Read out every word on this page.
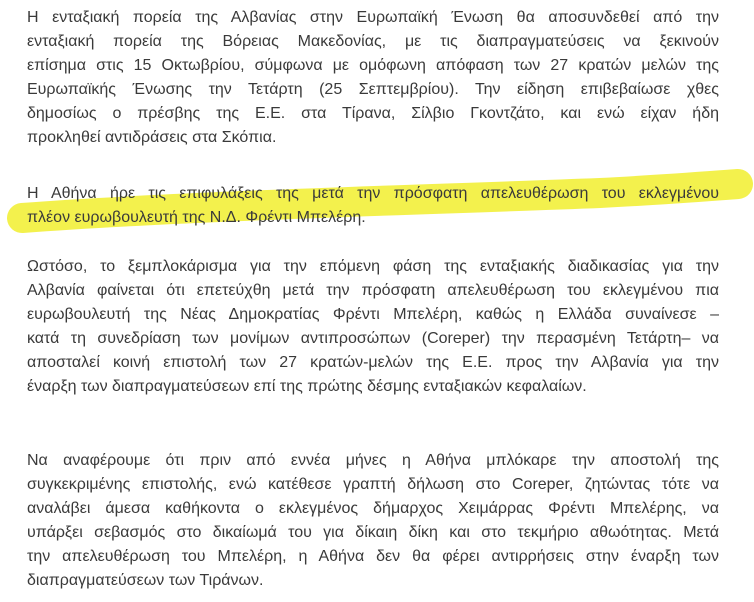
Η ενταξιακή πορεία της Αλβανίας στην Ευρωπαϊκή Ένωση θα αποσυνδεθεί από την
ενταξιακή πορεία της Βόρειας Μακεδονίας, με τις διαπραγματεύσεις να ξεκινούν
επίσημα στις 15 Οκτωβρίου, σύμφωνα με ομόφωνη απόφαση των 27 κρατών μελών της
Ευρωπαϊκής Ένωσης την Τετάρτη (25 Σεπτεμβρίου). Την είδηση επιβεβαίωσε χθες
δημοσίως ο πρέσβης της Ε.Ε. στα Τίρανα, Σίλβιο Γκοντζάτο, και ενώ είχαν ήδη
προκληθεί αντιδράσεις στα Σκόπια.

Η Αθήνα ήρε τις επιφυλάξεις της μετά την πρόσφατη απελευθέρωση του εκλεγμένου
πλέον ευρωβουλευτή της Ν.Δ. Φρέντι Μπελέρη.

Ωστόσο, το ξεμπλοκάρισμα για την επόμενη φάση της ενταξιακής διαδικασίας για την
Αλβανία φαίνεται ότι επετεύχθη μετά την πρόσφατη απελευθέρωση του εκλεγμένου πια
ευρωβουλευτή της Νέας Δημοκρατίας Φρέντι Μπελέρη, καθώς η Ελλάδα συναίνεσε –
κατά τη συνεδρίαση των μονίμων αντιπροσώπων (Coreper) την περασμένη Τετάρτη– να
αποσταλεί κοινή επιστολή των 27 κρατών-μελών της Ε.Ε. προς την Αλβανία για την
έναρξη των διαπραγματεύσεων επί της πρώτης δέσμης ενταξιακών κεφαλαίων.

Να αναφέρουμε ότι πριν από εννέα μήνες η Αθήνα μπλόκαρε την αποστολή της
συγκεκριμένης επιστολής, ενώ κατέθεσε γραπτή δήλωση στο Coreper, ζητώντας τότε να
αναλάβει άμεσα καθήκοντα ο εκλεγμένος δήμαρχος Χειμάρρας Φρέντι Μπελέρης, να
υπάρξει σεβασμός στο δικαίωμά του για δίκαιη δίκη και στο τεκμήριο αθωότητας. Μετά
την απελευθέρωση του Μπελέρη, η Αθήνα δεν θα φέρει αντιρρήσεις στην έναρξη των
διαπραγματεύσεων των Τιράνων.
